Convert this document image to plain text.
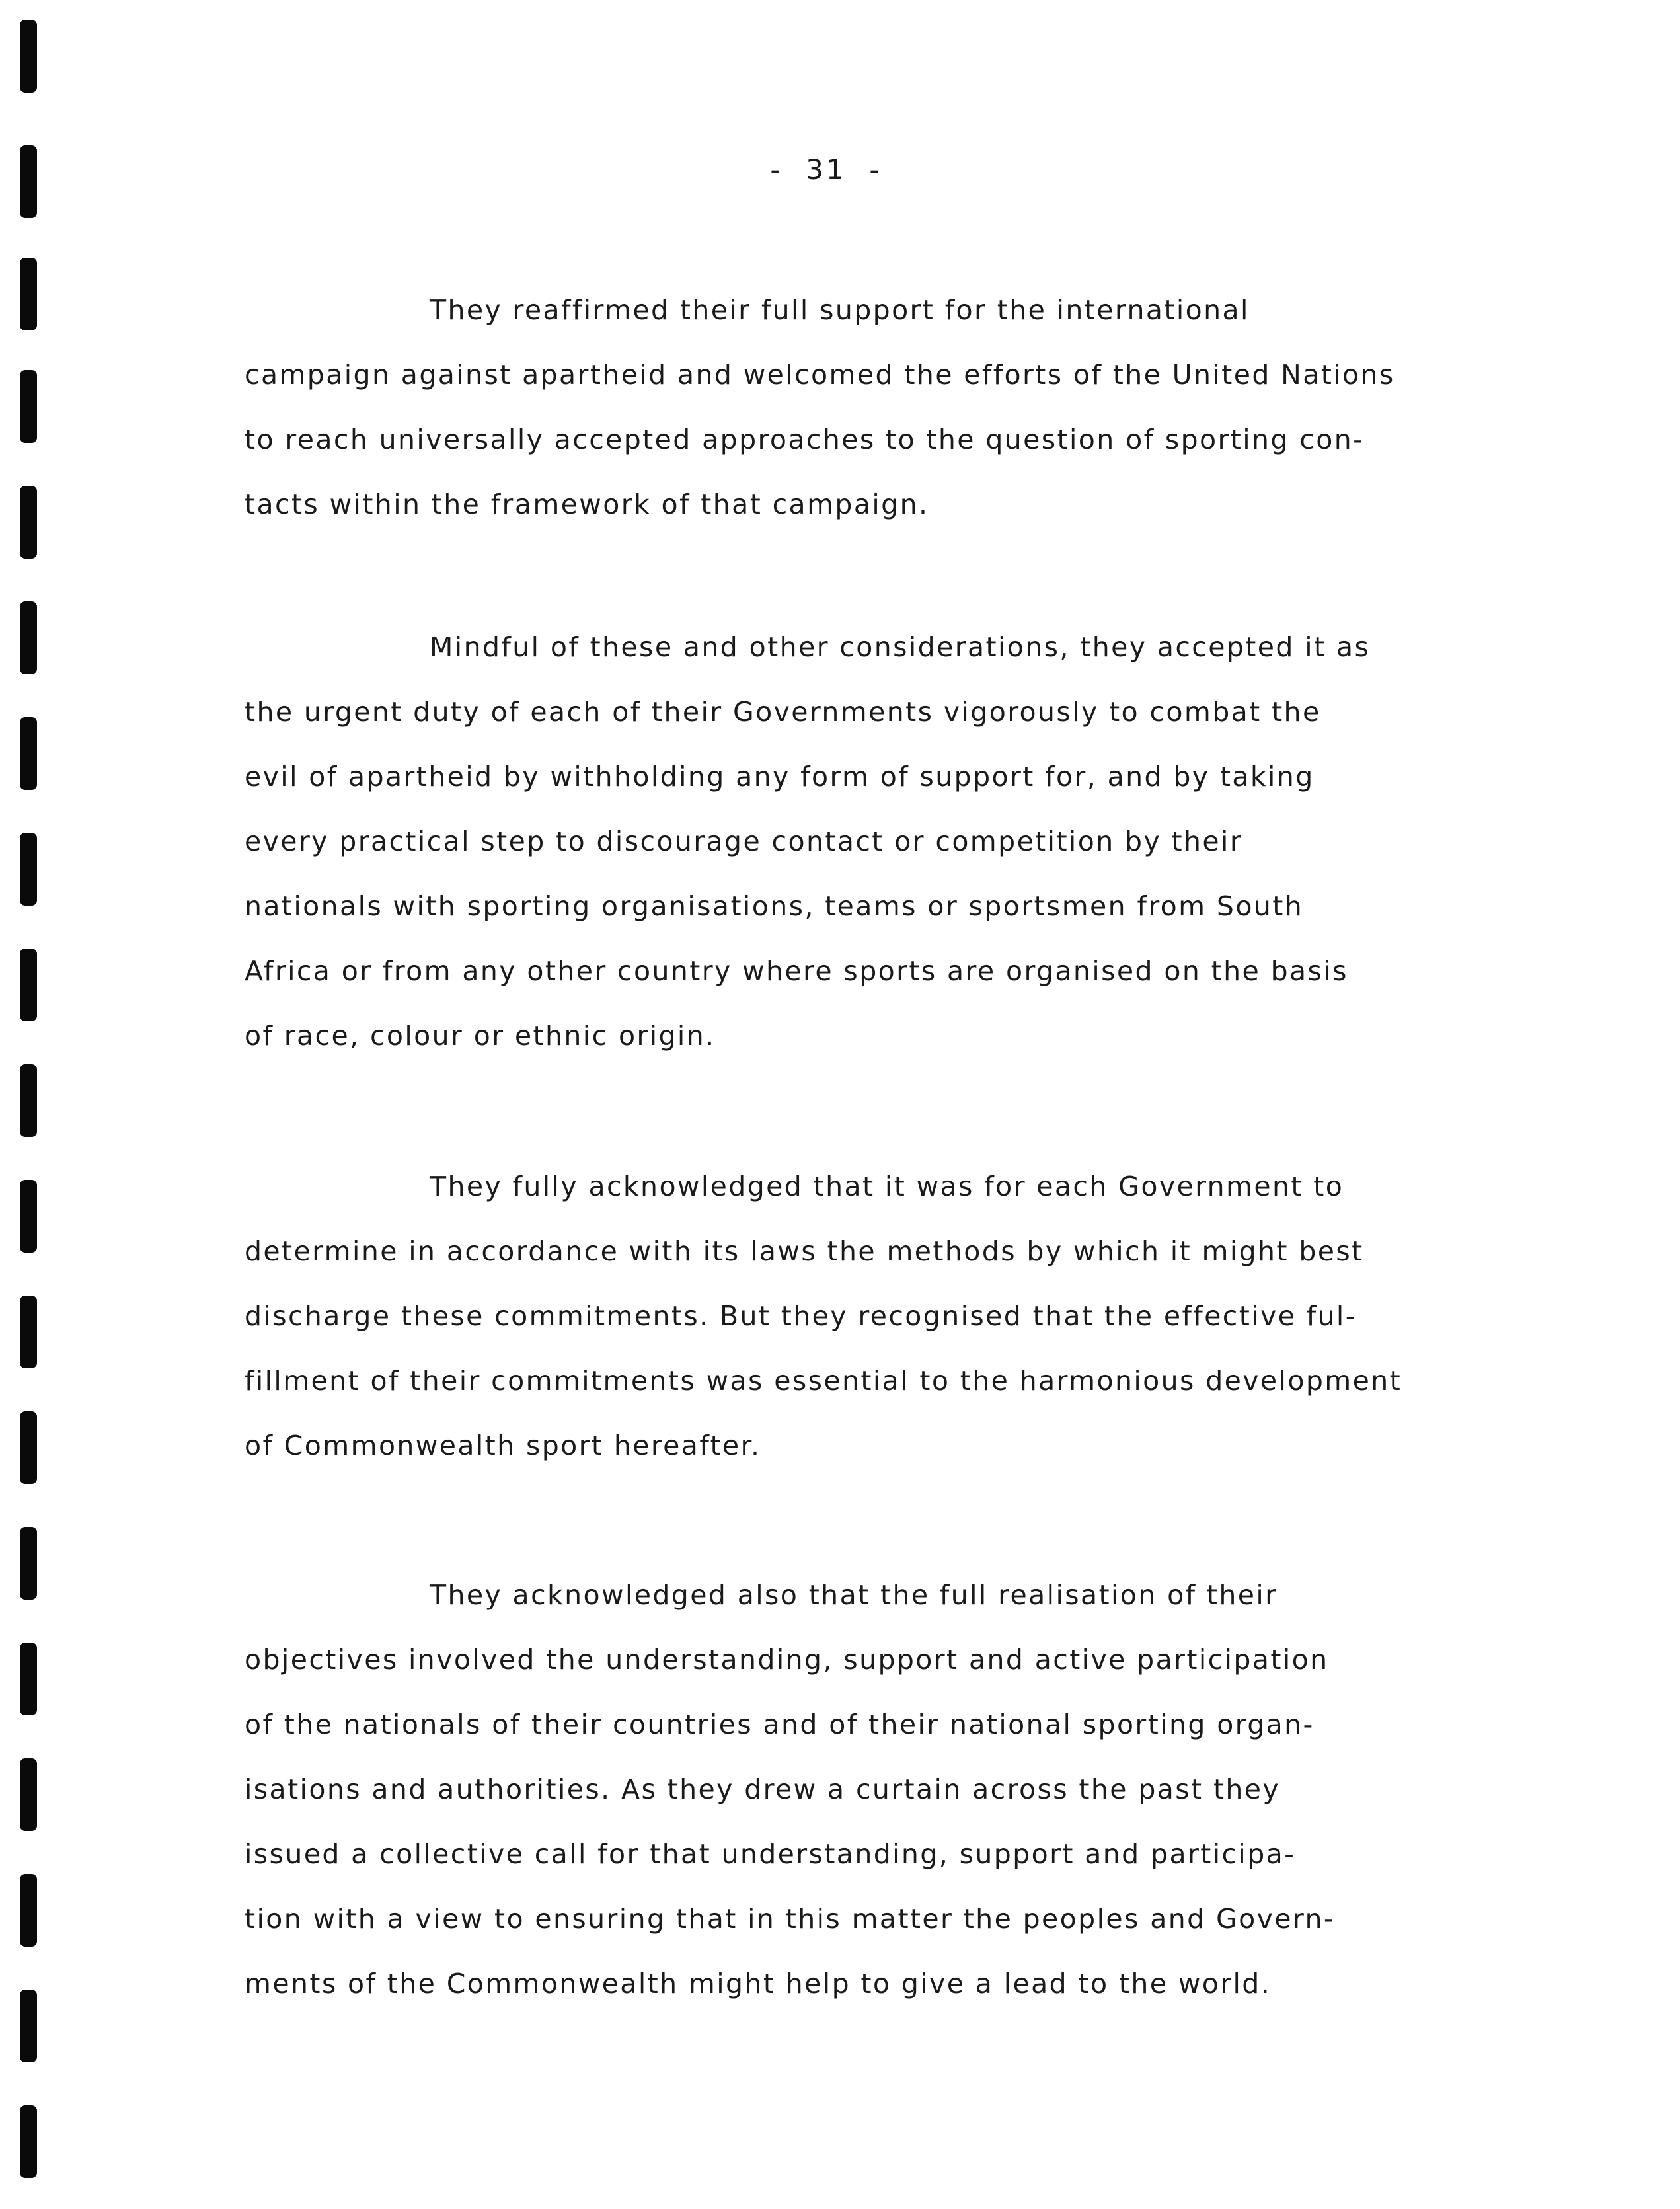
-  31  -
They reaffirmed their full support for the international
campaign against apartheid and welcomed the efforts of the United Nations
to reach universally accepted approaches to the question of sporting con-
tacts within the framework of that campaign.
Mindful of these and other considerations, they accepted it as
the urgent duty of each of their Governments vigorously to combat the
evil of apartheid by withholding any form of support for, and by taking
every practical step to discourage contact or competition by their
nationals with sporting organisations, teams or sportsmen from South
Africa or from any other country where sports are organised on the basis
of race, colour or ethnic origin.
They fully acknowledged that it was for each Government to
determine in accordance with its laws the methods by which it might best
discharge these commitments. But they recognised that the effective ful-
fillment of their commitments was essential to the harmonious development
of Commonwealth sport hereafter.
They acknowledged also that the full realisation of their
objectives involved the understanding, support and active participation
of the nationals of their countries and of their national sporting organ-
isations and authorities. As they drew a curtain across the past they
issued a collective call for that understanding, support and participa-
tion with a view to ensuring that in this matter the peoples and Govern-
ments of the Commonwealth might help to give a lead to the world.
